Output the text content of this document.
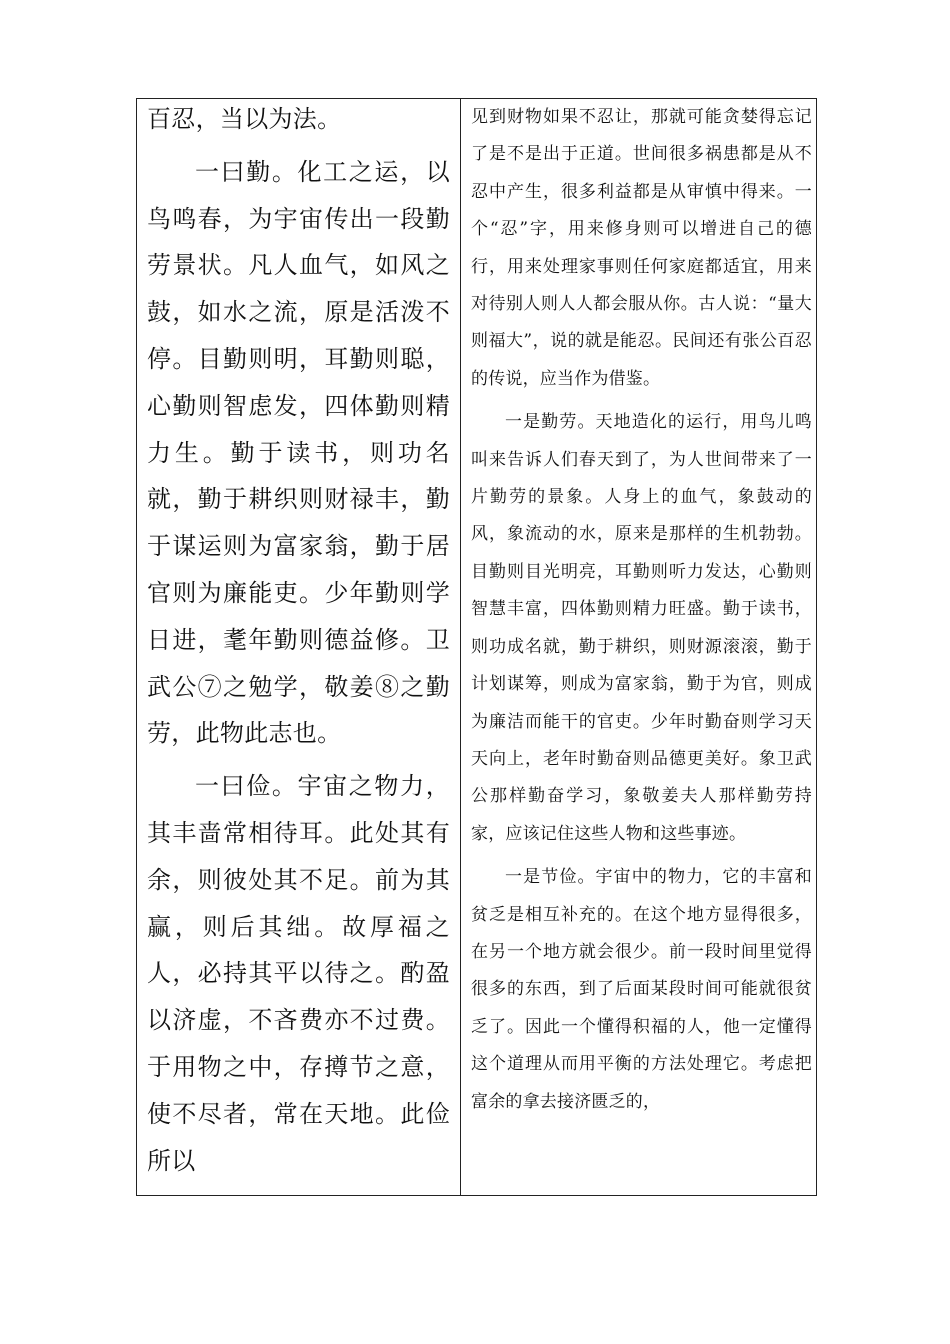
百忍，当以为法。

一曰勤。化工之运，以鸟鸣春，为宇宙传出一段勤劳景状。凡人血气，如风之鼓，如水之流，原是活泼不停。目勤则明，耳勤则聪，心勤则智虑发，四体勤则精力生。勤于读书，则功名就，勤于耕织则财禄丰，勤于谋运则为富家翁，勤于居官则为廉能吏。少年勤则学日进，耄年勤则德益修。卫武公⑦之勉学，敬姜⑧之勤劳，此物此志也。

一曰俭。宇宙之物力，其丰啬常相待耳。此处其有余，则彼处其不足。前为其赢，则后其绌。故厚福之人，必持其平以待之。酌盈以济虚，不吝费亦不过费。于用物之中，存撙节之意，使不尽者，常在天地。此俭所以

见到财物如果不忍让，那就可能贪婪得忘记了是不是出于正道。世间很多祸患都是从不忍中产生，很多利益都是从审慎中得来。一个“忍”字，用来修身则可以增进自己的德行，用来处理家事则任何家庭都适宜，用来对待别人则人人都会服从你。古人说：“量大则福大”，说的就是能忍。民间还有张公百忍的传说，应当作为借鉴。

一是勤劳。天地造化的运行，用鸟儿鸣叫来告诉人们春天到了，为人世间带来了一片勤劳的景象。人身上的血气，象鼓动的风，象流动的水，原来是那样的生机勃勃。目勤则目光明亮，耳勤则听力发达，心勤则智慧丰富，四体勤则精力旺盛。勤于读书，则功成名就，勤于耕织，则财源滚滚，勤于计划谋筹，则成为富家翁，勤于为官，则成为廉洁而能干的官吏。少年时勤奋则学习天天向上，老年时勤奋则品德更美好。象卫武公那样勤奋学习，象敬姜夫人那样勤劳持家，应该记住这些人物和这些事迹。

一是节俭。宇宙中的物力，它的丰富和贫乏是相互补充的。在这个地方显得很多，在另一个地方就会很少。前一段时间里觉得很多的东西，到了后面某段时间可能就很贫乏了。因此一个懂得积福的人，他一定懂得这个道理从而用平衡的方法处理它。考虑把富余的拿去接济匮乏的，
